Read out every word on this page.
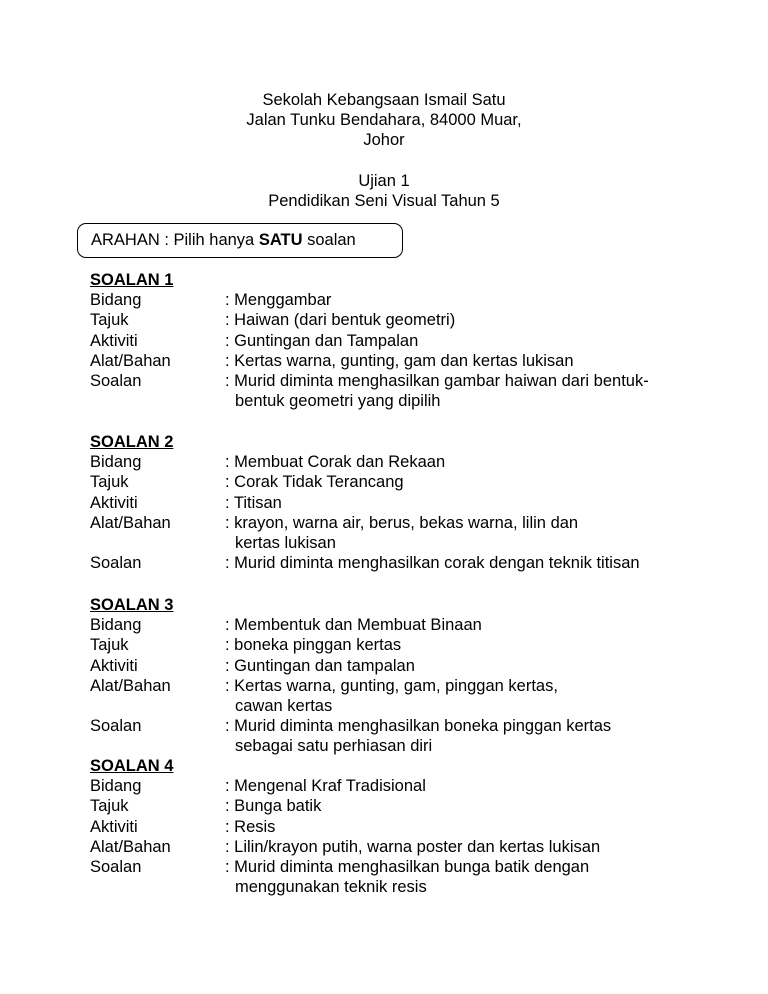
Sekolah Kebangsaan Ismail Satu
Jalan Tunku Bendahara, 84000 Muar,
Johor
Ujian 1
Pendidikan Seni Visual Tahun 5
ARAHAN : Pilih hanya SATU soalan
SOALAN 1
Bidang	: Menggambar
Tajuk	: Haiwan (dari bentuk geometri)
Aktiviti	: Guntingan dan Tampalan
Alat/Bahan	: Kertas warna, gunting, gam dan kertas lukisan
Soalan	: Murid diminta menghasilkan gambar haiwan dari bentuk-
bentuk geometri yang dipilih
SOALAN 2
Bidang	: Membuat Corak dan Rekaan
Tajuk	: Corak Tidak Terancang
Aktiviti	: Titisan
Alat/Bahan	: krayon, warna air, berus, bekas warna, lilin dan
kertas lukisan
Soalan	: Murid diminta menghasilkan corak dengan teknik titisan
SOALAN 3
Bidang	: Membentuk dan Membuat Binaan
Tajuk	: boneka pinggan kertas
Aktiviti	: Guntingan dan tampalan
Alat/Bahan	: Kertas warna, gunting, gam, pinggan kertas,
cawan kertas
Soalan	: Murid diminta menghasilkan boneka pinggan kertas
sebagai satu perhiasan diri
SOALAN 4
Bidang	: Mengenal Kraf Tradisional
Tajuk	: Bunga batik
Aktiviti	: Resis
Alat/Bahan	: Lilin/krayon putih, warna poster dan kertas lukisan
Soalan	: Murid diminta menghasilkan bunga batik dengan
menggunakan teknik resis
